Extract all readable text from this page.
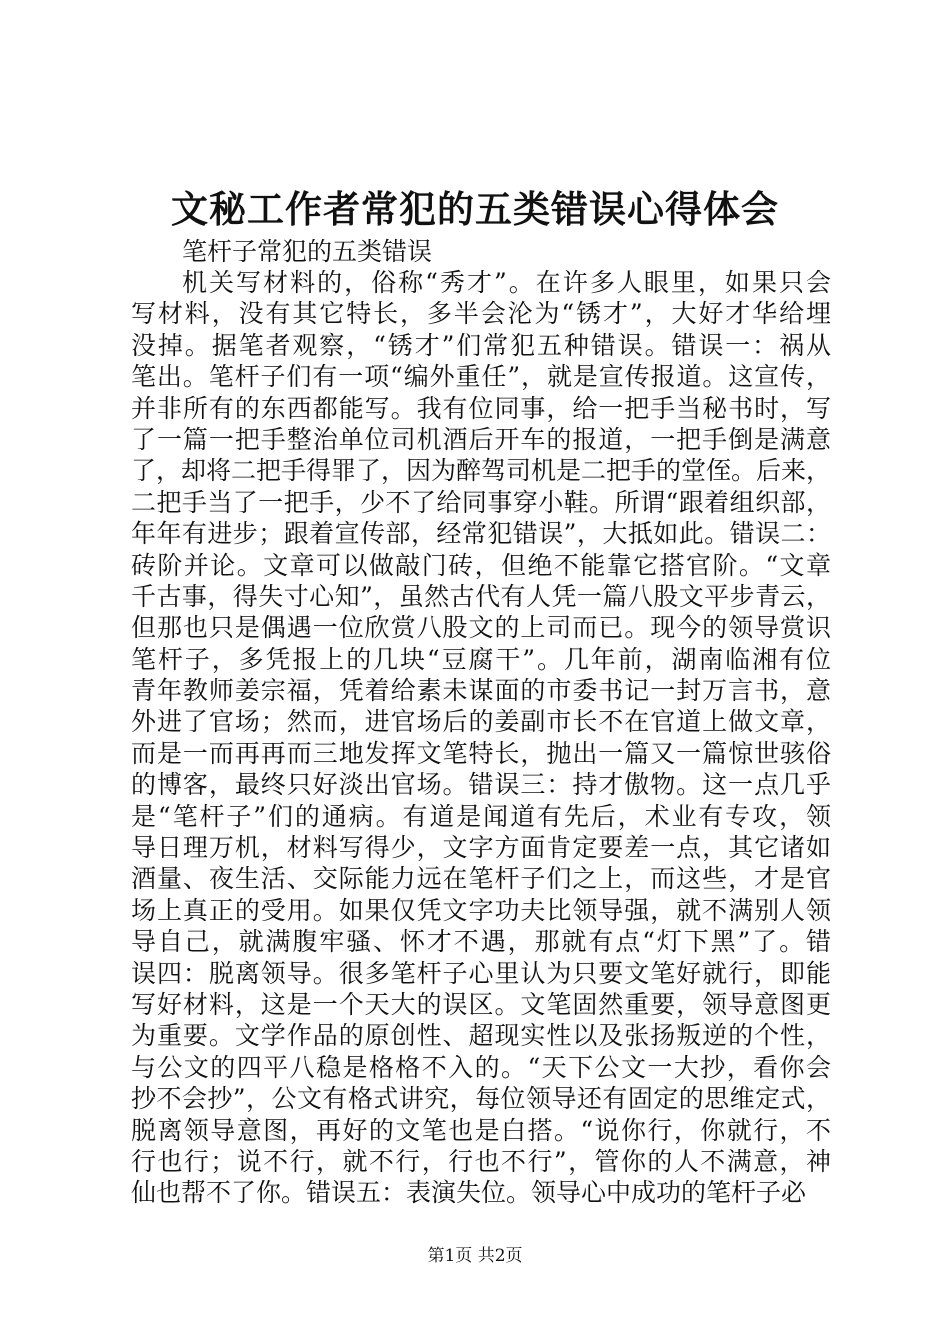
文秘工作者常犯的五类错误心得体会

笔杆子常犯的五类错误

机关写材料的，俗称“秀才”。在许多人眼里，如果只会
写材料，没有其它特长，多半会沦为“锈才”，大好才华给埋
没掉。据笔者观察，“锈才”们常犯五种错误。错误一：祸从
笔出。笔杆子们有一项“编外重任”，就是宣传报道。这宣传，
并非所有的东西都能写。我有位同事，给一把手当秘书时，写
了一篇一把手整治单位司机酒后开车的报道，一把手倒是满意
了，却将二把手得罪了，因为醉驾司机是二把手的堂侄。后来，
二把手当了一把手，少不了给同事穿小鞋。所谓“跟着组织部，
年年有进步；跟着宣传部，经常犯错误”，大抵如此。错误二：
砖阶并论。文章可以做敲门砖，但绝不能靠它搭官阶。“文章
千古事，得失寸心知”，虽然古代有人凭一篇八股文平步青云，
但那也只是偶遇一位欣赏八股文的上司而已。现今的领导赏识
笔杆子，多凭报上的几块“豆腐干”。几年前，湖南临湘有位
青年教师姜宗福，凭着给素未谋面的市委书记一封万言书，意
外进了官场；然而，进官场后的姜副市长不在官道上做文章，
而是一而再再而三地发挥文笔特长，抛出一篇又一篇惊世骇俗
的博客，最终只好淡出官场。错误三：持才傲物。这一点几乎
是“笔杆子”们的通病。有道是闻道有先后，术业有专攻，领
导日理万机，材料写得少，文字方面肯定要差一点，其它诸如
酒量、夜生活、交际能力远在笔杆子们之上，而这些，才是官
场上真正的受用。如果仅凭文字功夫比领导强，就不满别人领
导自己，就满腹牢骚、怀才不遇，那就有点“灯下黑”了。错
误四：脱离领导。很多笔杆子心里认为只要文笔好就行，即能
写好材料，这是一个天大的误区。文笔固然重要，领导意图更
为重要。文学作品的原创性、超现实性以及张扬叛逆的个性，
与公文的四平八稳是格格不入的。“天下公文一大抄，看你会
抄不会抄”，公文有格式讲究，每位领导还有固定的思维定式，
脱离领导意图，再好的文笔也是白搭。“说你行，你就行，不
行也行；说不行，就不行，行也不行”，管你的人不满意，神
仙也帮不了你。错误五：表演失位。领导心中成功的笔杆子必

第1页 共2页
